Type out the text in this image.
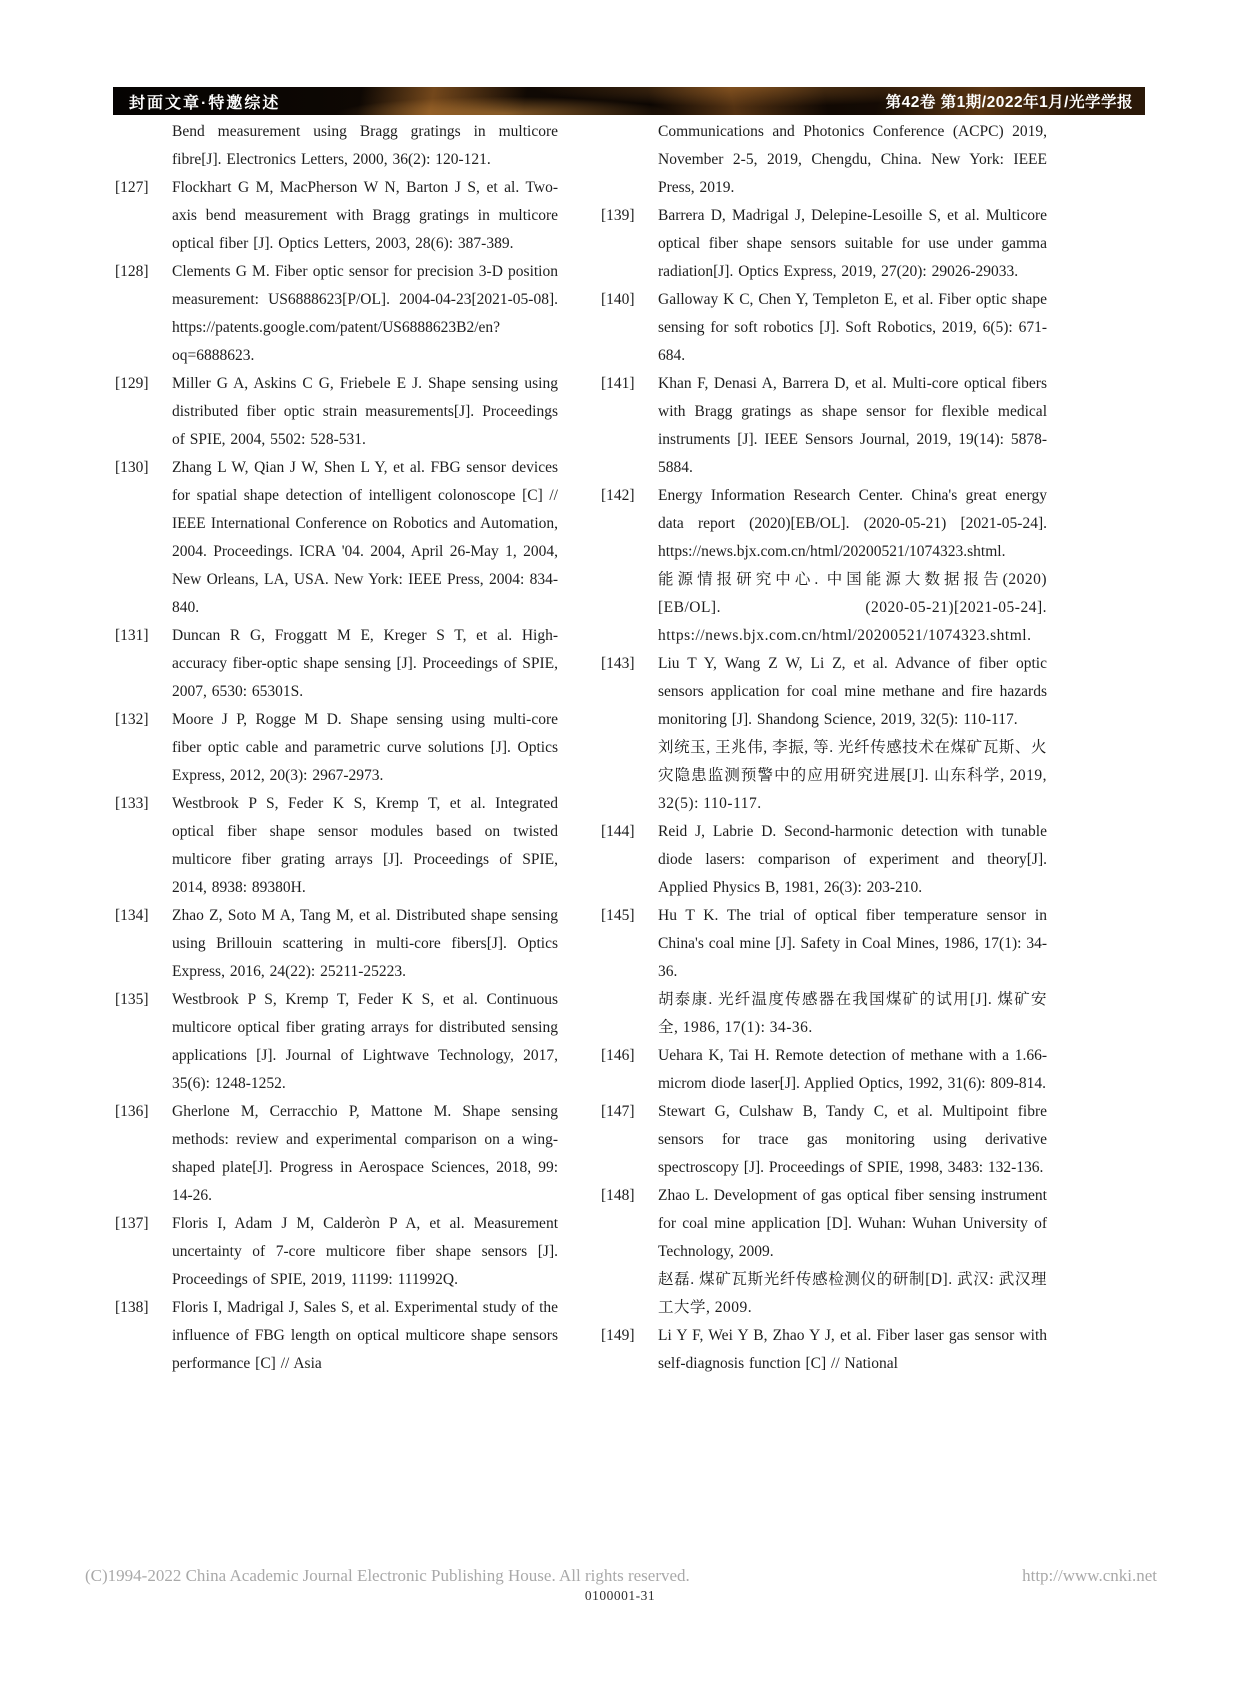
封面文章·特邀综述	第42卷 第1期/2022年1月/光学学报

Bend measurement using Bragg gratings in multicore fibre[J]. Electronics Letters, 2000, 36(2): 120-121.

[127] Flockhart G M, MacPherson W N, Barton J S, et al. Two-axis bend measurement with Bragg gratings in multicore optical fiber [J]. Optics Letters, 2003, 28(6): 387-389.

[128] Clements G M. Fiber optic sensor for precision 3-D position measurement: US6888623[P/OL]. 2004-04-23[2021-05-08]. https://patents.google.com/patent/US6888623B2/en?oq=6888623.

[129] Miller G A, Askins C G, Friebele E J. Shape sensing using distributed fiber optic strain measurements[J]. Proceedings of SPIE, 2004, 5502: 528-531.

[130] Zhang L W, Qian J W, Shen L Y, et al. FBG sensor devices for spatial shape detection of intelligent colonoscope [C] // IEEE International Conference on Robotics and Automation, 2004. Proceedings. ICRA '04. 2004, April 26-May 1, 2004, New Orleans, LA, USA. New York: IEEE Press, 2004: 834-840.

[131] Duncan R G, Froggatt M E, Kreger S T, et al. High-accuracy fiber-optic shape sensing [J]. Proceedings of SPIE, 2007, 6530: 65301S.

[132] Moore J P, Rogge M D. Shape sensing using multi-core fiber optic cable and parametric curve solutions [J]. Optics Express, 2012, 20(3): 2967-2973.

[133] Westbrook P S, Feder K S, Kremp T, et al. Integrated optical fiber shape sensor modules based on twisted multicore fiber grating arrays [J]. Proceedings of SPIE, 2014, 8938: 89380H.

[134] Zhao Z, Soto M A, Tang M, et al. Distributed shape sensing using Brillouin scattering in multi-core fibers[J]. Optics Express, 2016, 24(22): 25211-25223.

[135] Westbrook P S, Kremp T, Feder K S, et al. Continuous multicore optical fiber grating arrays for distributed sensing applications [J]. Journal of Lightwave Technology, 2017, 35(6): 1248-1252.

[136] Gherlone M, Cerracchio P, Mattone M. Shape sensing methods: review and experimental comparison on a wing-shaped plate[J]. Progress in Aerospace Sciences, 2018, 99: 14-26.

[137] Floris I, Adam J M, Calderòn P A, et al. Measurement uncertainty of 7-core multicore fiber shape sensors [J]. Proceedings of SPIE, 2019, 11199: 111992Q.

[138] Floris I, Madrigal J, Sales S, et al. Experimental study of the influence of FBG length on optical multicore shape sensors performance [C] // Asia

Communications and Photonics Conference (ACPC) 2019, November 2-5, 2019, Chengdu, China. New York: IEEE Press, 2019.

[139] Barrera D, Madrigal J, Delepine-Lesoille S, et al. Multicore optical fiber shape sensors suitable for use under gamma radiation[J]. Optics Express, 2019, 27(20): 29026-29033.

[140] Galloway K C, Chen Y, Templeton E, et al. Fiber optic shape sensing for soft robotics [J]. Soft Robotics, 2019, 6(5): 671-684.

[141] Khan F, Denasi A, Barrera D, et al. Multi-core optical fibers with Bragg gratings as shape sensor for flexible medical instruments [J]. IEEE Sensors Journal, 2019, 19(14): 5878-5884.

[142] Energy Information Research Center. China's great energy data report (2020)[EB/OL]. (2020-05-21) [2021-05-24]. https://news.bjx.com.cn/html/20200521/1074323.shtml.

能源情报研究中心. 中国能源大数据报告(2020) [EB/OL]. (2020-05-21)[2021-05-24]. https://news.bjx.com.cn/html/20200521/1074323.shtml.

[143] Liu T Y, Wang Z W, Li Z, et al. Advance of fiber optic sensors application for coal mine methane and fire hazards monitoring [J]. Shandong Science, 2019, 32(5): 110-117.

刘统玉, 王兆伟, 李振, 等. 光纤传感技术在煤矿瓦斯、火灾隐患监测预警中的应用研究进展[J]. 山东科学, 2019, 32(5): 110-117.

[144] Reid J, Labrie D. Second-harmonic detection with tunable diode lasers: comparison of experiment and theory[J]. Applied Physics B, 1981, 26(3): 203-210.

[145] Hu T K. The trial of optical fiber temperature sensor in China's coal mine [J]. Safety in Coal Mines, 1986, 17(1): 34-36.

胡泰康. 光纤温度传感器在我国煤矿的试用[J]. 煤矿安全, 1986, 17(1): 34-36.

[146] Uehara K, Tai H. Remote detection of methane with a 1.66-microm diode laser[J]. Applied Optics, 1992, 31(6): 809-814.

[147] Stewart G, Culshaw B, Tandy C, et al. Multipoint fibre sensors for trace gas monitoring using derivative spectroscopy [J]. Proceedings of SPIE, 1998, 3483: 132-136.

[148] Zhao L. Development of gas optical fiber sensing instrument for coal mine application [D]. Wuhan: Wuhan University of Technology, 2009.

赵磊. 煤矿瓦斯光纤传感检测仪的研制[D]. 武汉: 武汉理工大学, 2009.

[149] Li Y F, Wei Y B, Zhao Y J, et al. Fiber laser gas sensor with self-diagnosis function [C] // National

(C)1994-2022 China Academic Journal Electronic Publishing House. All rights reserved.	http://www.cnki.net
0100001-31
